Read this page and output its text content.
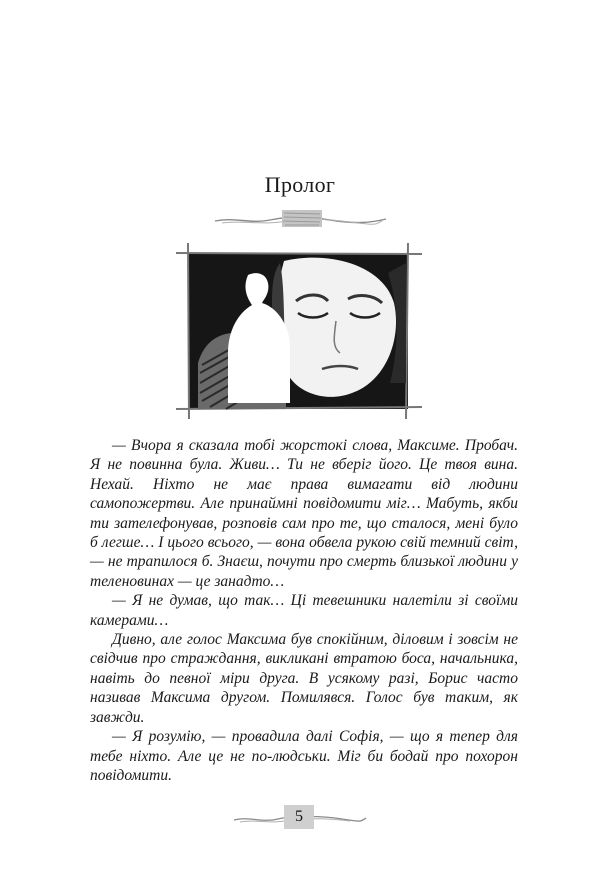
Пролог

— Вчора я сказала тобі жорстокі слова, Максиме. Пробач. Я не повинна була. Живи… Ти не вберіг його. Це твоя вина. Нехай. Ніхто не має права вимагати від людини самопожертви. Але принаймні повідомити міг… Мабуть, якби ти зателефонував, розповів сам про те, що сталося, мені було б легше… І цього всього, — вона обвела рукою свій темний світ, — не трапилося б. Знаєш, почути про смерть близької людини у теленовинах — це занадто…

— Я не думав, що так… Ці тевешники налетіли зі своїми камерами…

Дивно, але голос Максима був спокійним, діловим і зовсім не свідчив про страждання, викликані втратою боса, начальника, навіть до певної міри друга. В усякому разі, Борис часто називав Максима другом. Помилявся. Голос був таким, як завжди.

— Я розумію, — провадила далі Софія, — що я тепер для тебе ніхто. Але це не по-людськи. Міг би бодай про похорон повідомити.

5
